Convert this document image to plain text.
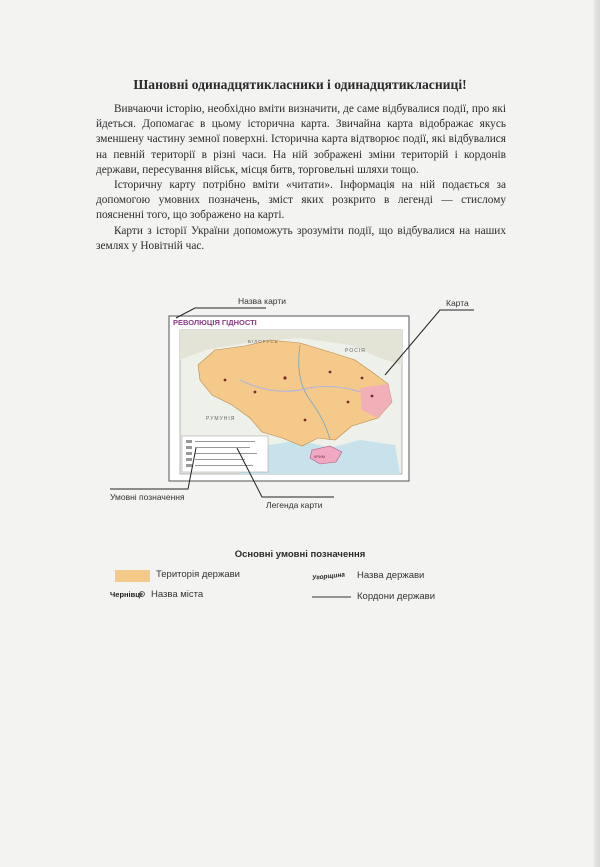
Шановні одинадцятикласники і одинадцятикласниці!

Вивчаючи історію, необхідно вміти визначити, де саме відбувалися події, про які йдеться. Допомагає в цьому історична карта. Звичайна карта відображає якусь зменшену частину земної поверхні. Історична карта відтворює події, які відбувалися на певній території в різні часи. На ній зображені зміни територій і кордонів держави, пересування військ, місця битв, торговельні шляхи тощо.

Історичну карту потрібно вміти «читати». Інформація на ній подається за допомогою умовних позначень, зміст яких розкрито в легенді — стислому поясненні того, що зображено на карті.

Карти з історії України допоможуть зрозуміти події, що відбувалися на наших землях у Новітній час.

РЕВОЛЮЦІЯ ГІДНОСТІ
БІЛОРУСЬ
РОСІЯ
РУМУНІЯ
КРИМ
Назва карти	Карта
Умовні позначення
Легенда карти
Угорщина
Чернівці
Основні умовні позначення
Територія держави
Назва міста
Назва держави
Кордони держави
